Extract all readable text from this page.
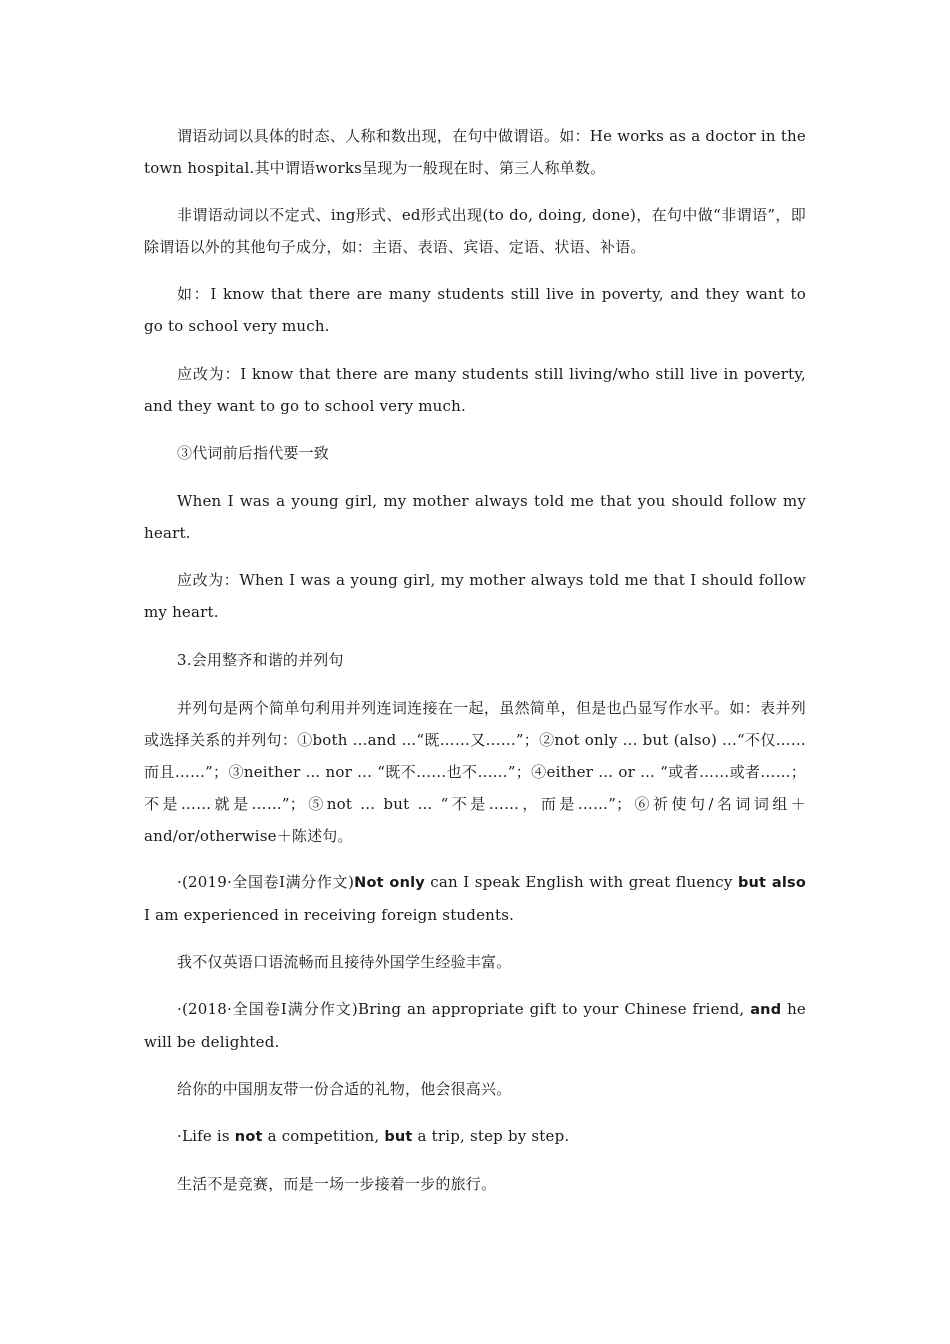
谓语动词以具体的时态、人称和数出现，在句中做谓语。如：He works as a doctor in the town hospital.其中谓语works呈现为一般现在时、第三人称单数。

非谓语动词以不定式、ing形式、ed形式出现(to do, doing, done)，在句中做“非谓语”，即除谓语以外的其他句子成分，如：主语、表语、宾语、定语、状语、补语。

如：I know that there are many students still live in poverty, and they want to go to school very much.

应改为：I know that there are many students still living/who still live in poverty, and they want to go to school very much.

③代词前后指代要一致

When I was a young girl, my mother always told me that you should follow my heart.

应改为：When I was a young girl, my mother always told me that I should follow my heart.

3.会用整齐和谐的并列句

并列句是两个简单句利用并列连词连接在一起，虽然简单，但是也凸显写作水平。如：表并列或选择关系的并列句：①both ...and ...“既……又……”；②not only ... but (also) ...“不仅……而且……”；③neither ... nor ... “既不……也不……”；④either ... or ... “或者……或者……；不是……就是……”；⑤not ... but ... “不是……，而是……”；⑥祈使句/名词词组＋and/or/otherwise＋陈述句。

·(2019·全国卷Ⅰ满分作文)Not only can I speak English with great fluency but also I am experienced in receiving foreign students.

我不仅英语口语流畅而且接待外国学生经验丰富。

·(2018·全国卷Ⅰ满分作文)Bring an appropriate gift to your Chinese friend, and he will be delighted.

给你的中国朋友带一份合适的礼物，他会很高兴。

·Life is not a competition, but a trip, step by step.

生活不是竞赛，而是一场一步接着一步的旅行。
